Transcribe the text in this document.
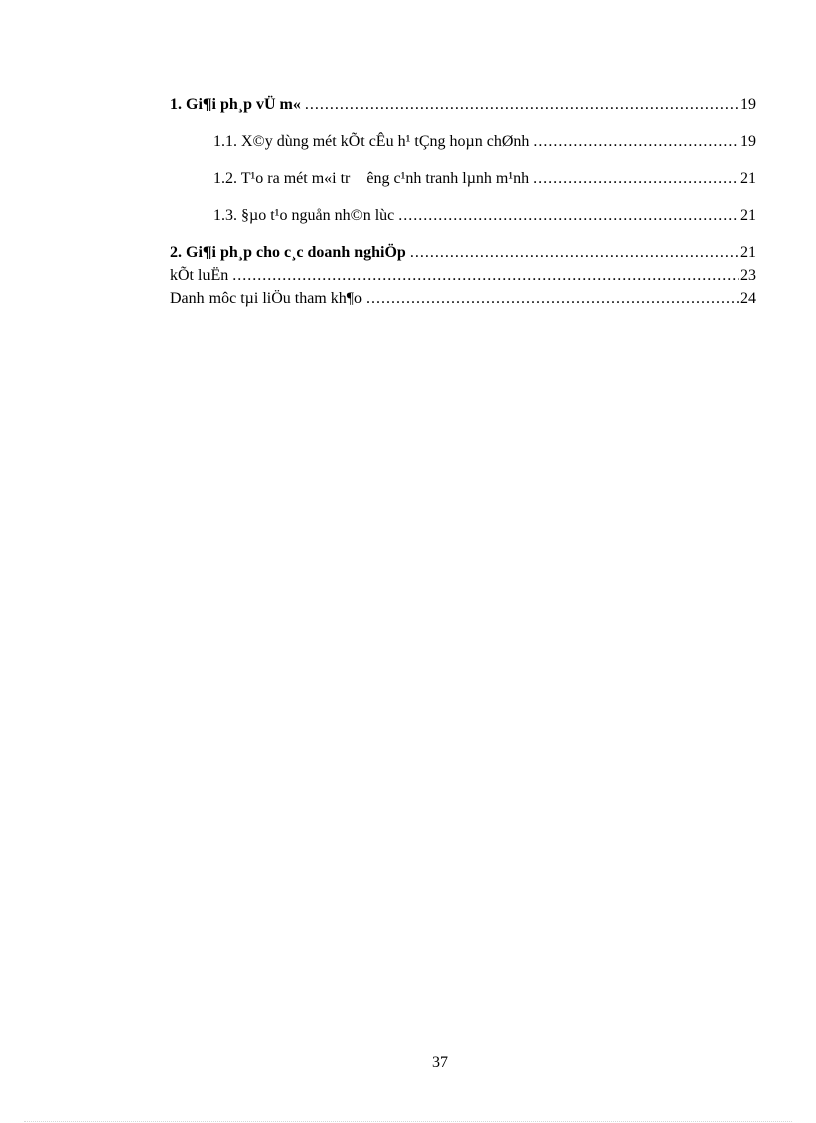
1. Gi¶i ph¸p vÜ m« .....	19
1.1. X©y dùng mét kÕt cÊu h¹ tÇng hoµn chØnh .....	19
1.2. T¹o ra mét m«i tr    êng c¹nh tranh lµnh m¹nh .....	21
1.3. §µo t¹o nguån nh©n lùc .....	21
2. Gi¶i ph¸p cho c¸c doanh nghiÖp .....	21
kÕt luËn .....	23
Danh môc tµi liÖu tham kh¶o .....	24
37
